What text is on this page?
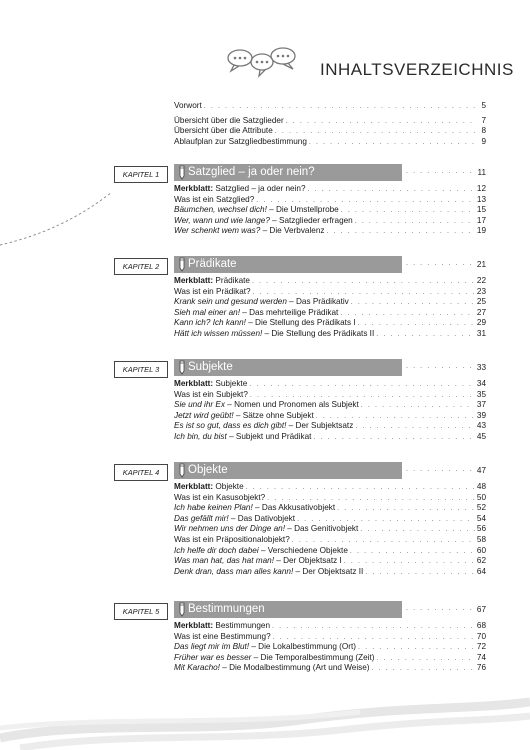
INHALTSVERZEICHNIS
Vorwort . . .	5
Übersicht über die Satzglieder . . .	7
Übersicht über die Attribute . . .	8
Ablaufplan zur Satzgliedbestimmung . . .	9
KAPITEL 1	Satzglied – ja oder nein? . . .	11
Merkblatt: Satzglied – ja oder nein? . . .	12
Was ist ein Satzglied? . . .	13
Bäumchen, wechsel dich! – Die Umstellprobe . . .	15
Wer, wann und wie lange? – Satzglieder erfragen . . .	17
Wer schenkt wem was? – Die Verbvalenz . . .	19
KAPITEL 2	Prädikate . . .	21
Merkblatt: Prädikate . . .	22
Was ist ein Prädikat? . . .	23
Krank sein und gesund werden – Das Prädikativ . . .	25
Sieh mal einer an! – Das mehrteilige Prädikat . . .	27
Kann ich? Ich kann! – Die Stellung des Prädikats I . . .	29
Hätt ich wissen müssen! – Die Stellung des Prädikats II . . .	31
KAPITEL 3	Subjekte . . .	33
Merkblatt: Subjekte . . .	34
Was ist ein Subjekt? . . .	35
Sie und ihr Ex – Nomen und Pronomen als Subjekt . . .	37
Jetzt wird geübt! – Sätze ohne Subjekt . . .	39
Es ist so gut, dass es dich gibt! – Der Subjektsatz . . .	43
Ich bin, du bist – Subjekt und Prädikat . . .	45
KAPITEL 4	Objekte . . .	47
Merkblatt: Objekte . . .	48
Was ist ein Kasusobjekt? . . .	50
Ich habe keinen Plan! – Das Akkusativobjekt . . .	52
Das gefällt mir! – Das Dativobjekt . . .	54
Wir nehmen uns der Dinge an! – Das Genitivobjekt . . .	56
Was ist ein Präpositionalobjekt? . . .	58
Ich helfe dir doch dabei – Verschiedene Objekte . . .	60
Was man hat, das hat man! – Der Objektsatz I . . .	62
Denk dran, dass man alles kann! – Der Objektsatz II . . .	64
KAPITEL 5	Bestimmungen . . .	67
Merkblatt: Bestimmungen . . .	68
Was ist eine Bestimmung? . . .	70
Das liegt mir im Blut! – Die Lokalbestimmung (Ort) . . .	72
Früher war es besser – Die Temporalbestimmung (Zeit) . . .	74
Mit Karacho! – Die Modalbestimmung (Art und Weise) . . .	76
